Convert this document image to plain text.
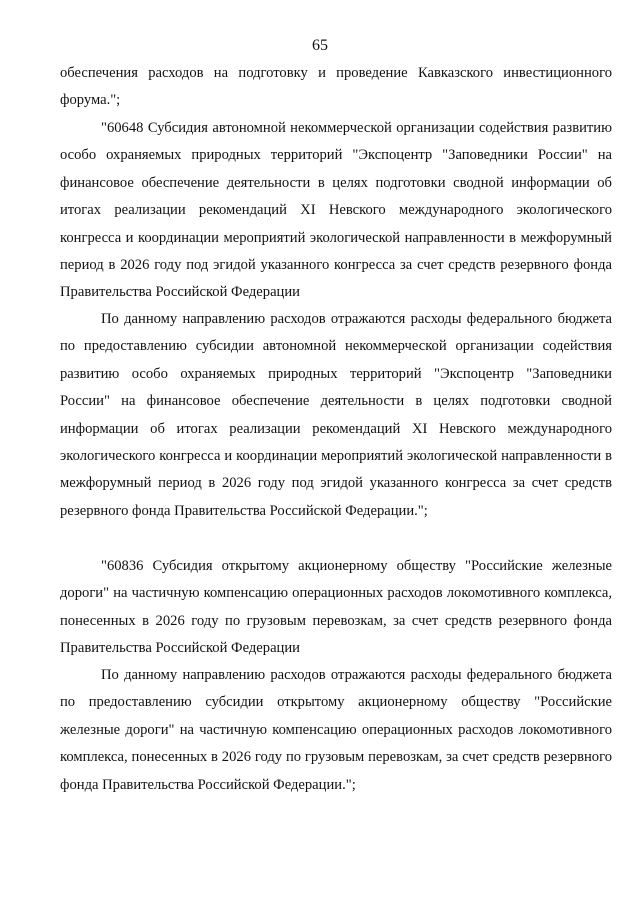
65

обеспечения расходов на подготовку и проведение Кавказского инвестиционного форума.";

"60648 Субсидия автономной некоммерческой организации содействия развитию особо охраняемых природных территорий "Экспоцентр "Заповедники России" на финансовое обеспечение деятельности в целях подготовки сводной информации об итогах реализации рекомендаций XI Невского международного экологического конгресса и координации мероприятий экологической направленности в межфорумный период в 2026 году под эгидой указанного конгресса за счет средств резервного фонда Правительства Российской Федерации

По данному направлению расходов отражаются расходы федерального бюджета по предоставлению субсидии автономной некоммерческой организации содействия развитию особо охраняемых природных территорий "Экспоцентр "Заповедники России" на финансовое обеспечение деятельности в целях подготовки сводной информации об итогах реализации рекомендаций XI Невского международного экологического конгресса и координации мероприятий экологической направленности в межфорумный период в 2026 году под эгидой указанного конгресса за счет средств резервного фонда Правительства Российской Федерации.";

"60836 Субсидия открытому акционерному обществу "Российские железные дороги" на частичную компенсацию операционных расходов локомотивного комплекса, понесенных в 2026 году по грузовым перевозкам, за счет средств резервного фонда Правительства Российской Федерации

По данному направлению расходов отражаются расходы федерального бюджета по предоставлению субсидии открытому акционерному обществу "Российские железные дороги" на частичную компенсацию операционных расходов локомотивного комплекса, понесенных в 2026 году по грузовым перевозкам, за счет средств резервного фонда Правительства Российской Федерации.";
